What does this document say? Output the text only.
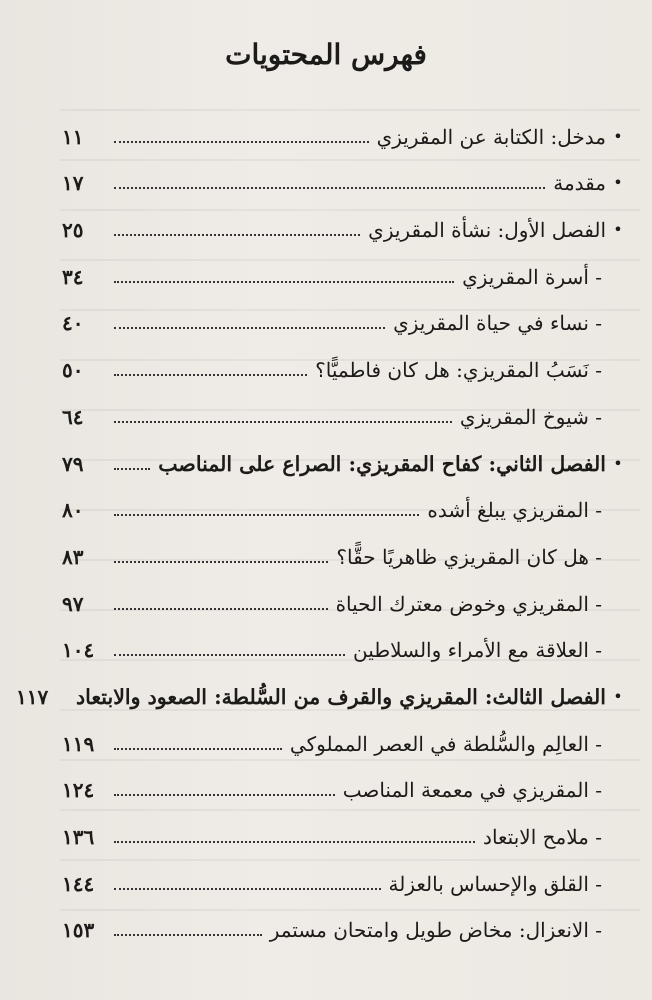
فهرس المحتويات
•
مدخل: الكتابة عن المقريزي
١١
•
مقدمة
١٧
•
الفصل الأول: نشأة المقريزي
٢٥
- أسرة المقريزي
٣٤
- نساء في حياة المقريزي
٤٠
- نَسَبُ المقريزي: هل كان فاطميًّا؟
٥٠
- شيوخ المقريزي
٦٤
•
الفصل الثاني: كفاح المقريزي: الصراع على المناصب
٧٩
- المقريزي يبلغ أشده
٨٠
- هل كان المقريزي ظاهريًا حقًّا؟
٨٣
- المقريزي وخوض معترك الحياة
٩٧
- العلاقة مع الأمراء والسلاطين
١٠٤
•
الفصل الثالث: المقريزي والقرف من السُّلطة: الصعود والابتعاد
١١٧
- العالِم والسُّلطة في العصر المملوكي
١١٩
- المقريزي في معمعة المناصب
١٢٤
- ملامح الابتعاد
١٣٦
- القلق والإحساس بالعزلة
١٤٤
- الانعزال: مخاض طويل وامتحان مستمر
١٥٣
